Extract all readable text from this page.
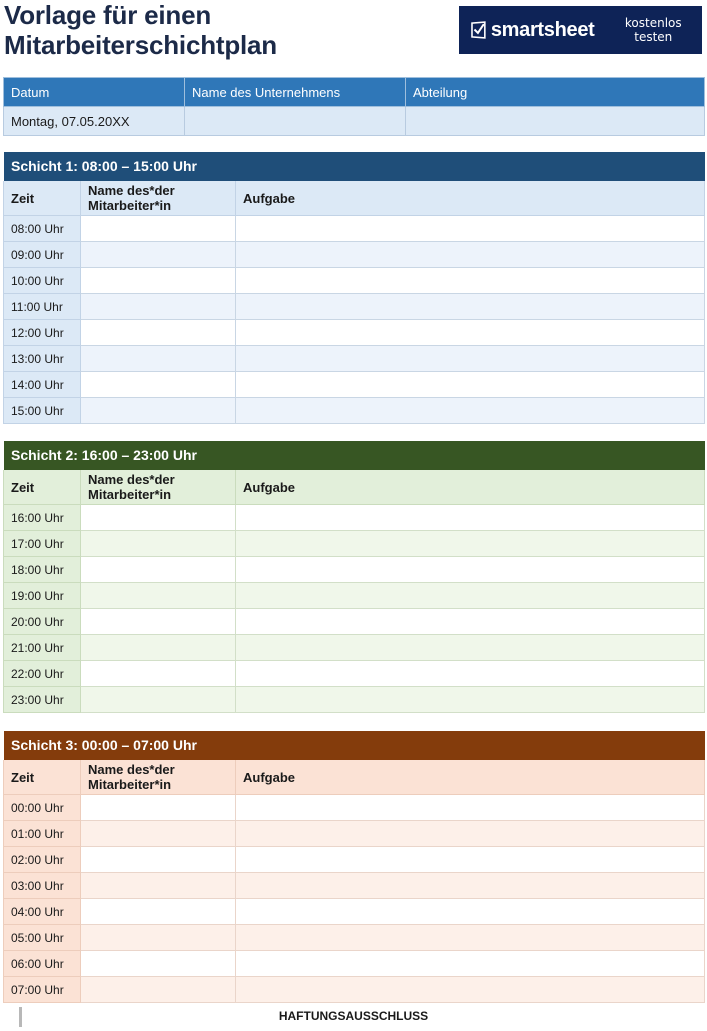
Vorlage für einen
Mitarbeiterschichtplan
smartsheet	kostenlos testen
Datum	Name des Unternehmens	Abteilung
Montag, 07.05.20XX		
Schicht 1: 08:00 – 15:00 Uhr		
Zeit	Name des*der Mitarbeiter*in	Aufgabe
08:00 Uhr		
09:00 Uhr		
10:00 Uhr		
11:00 Uhr		
12:00 Uhr		
13:00 Uhr		
14:00 Uhr		
15:00 Uhr		
Schicht 2: 16:00 – 23:00 Uhr		
Zeit	Name des*der Mitarbeiter*in	Aufgabe
16:00 Uhr		
17:00 Uhr		
18:00 Uhr		
19:00 Uhr		
20:00 Uhr		
21:00 Uhr		
22:00 Uhr		
23:00 Uhr		
Schicht 3: 00:00 – 07:00 Uhr		
Zeit	Name des*der Mitarbeiter*in	Aufgabe
00:00 Uhr		
01:00 Uhr		
02:00 Uhr		
03:00 Uhr		
04:00 Uhr		
05:00 Uhr		
06:00 Uhr		
07:00 Uhr		
HAFTUNGSAUSSCHLUSS
